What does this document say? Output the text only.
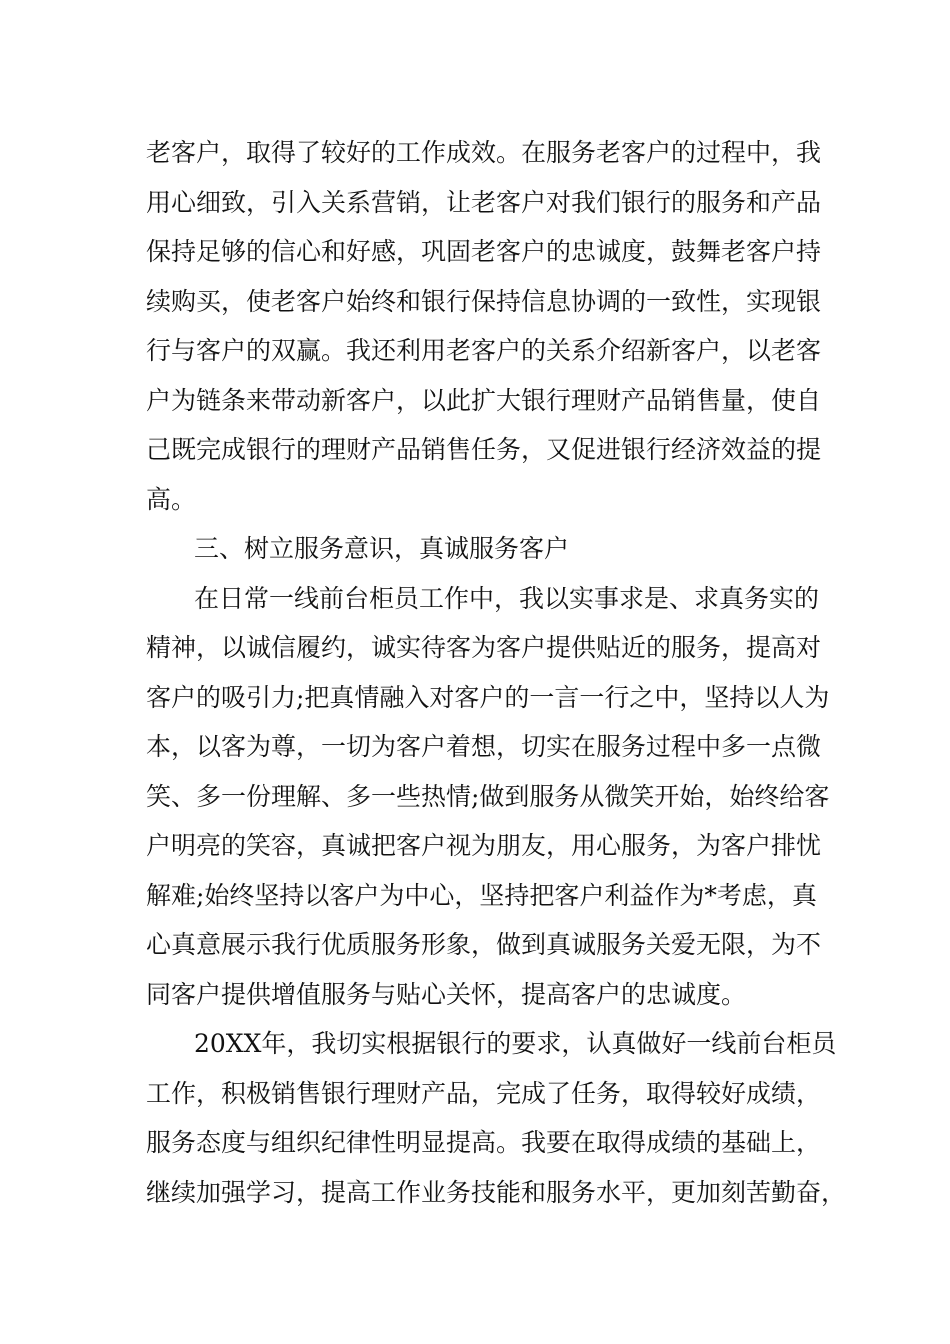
老客户，取得了较好的工作成效。在服务老客户的过程中，我
用心细致，引入关系营销，让老客户对我们银行的服务和产品
保持足够的信心和好感，巩固老客户的忠诚度，鼓舞老客户持
续购买，使老客户始终和银行保持信息协调的一致性，实现银
行与客户的双赢。我还利用老客户的关系介绍新客户，以老客
户为链条来带动新客户，以此扩大银行理财产品销售量，使自
己既完成银行的理财产品销售任务，又促进银行经济效益的提
高。
三、树立服务意识，真诚服务客户
在日常一线前台柜员工作中，我以实事求是、求真务实的
精神，以诚信履约，诚实待客为客户提供贴近的服务，提高对
客户的吸引力;把真情融入对客户的一言一行之中，坚持以人为
本，以客为尊，一切为客户着想，切实在服务过程中多一点微
笑、多一份理解、多一些热情;做到服务从微笑开始，始终给客
户明亮的笑容，真诚把客户视为朋友，用心服务，为客户排忧
解难;始终坚持以客户为中心，坚持把客户利益作为*考虑，真
心真意展示我行优质服务形象，做到真诚服务关爱无限，为不
同客户提供增值服务与贴心关怀，提高客户的忠诚度。
20XX年，我切实根据银行的要求，认真做好一线前台柜员
工作，积极销售银行理财产品，完成了任务，取得较好成绩，
服务态度与组织纪律性明显提高。我要在取得成绩的基础上，
继续加强学习，提高工作业务技能和服务水平，更加刻苦勤奋，
